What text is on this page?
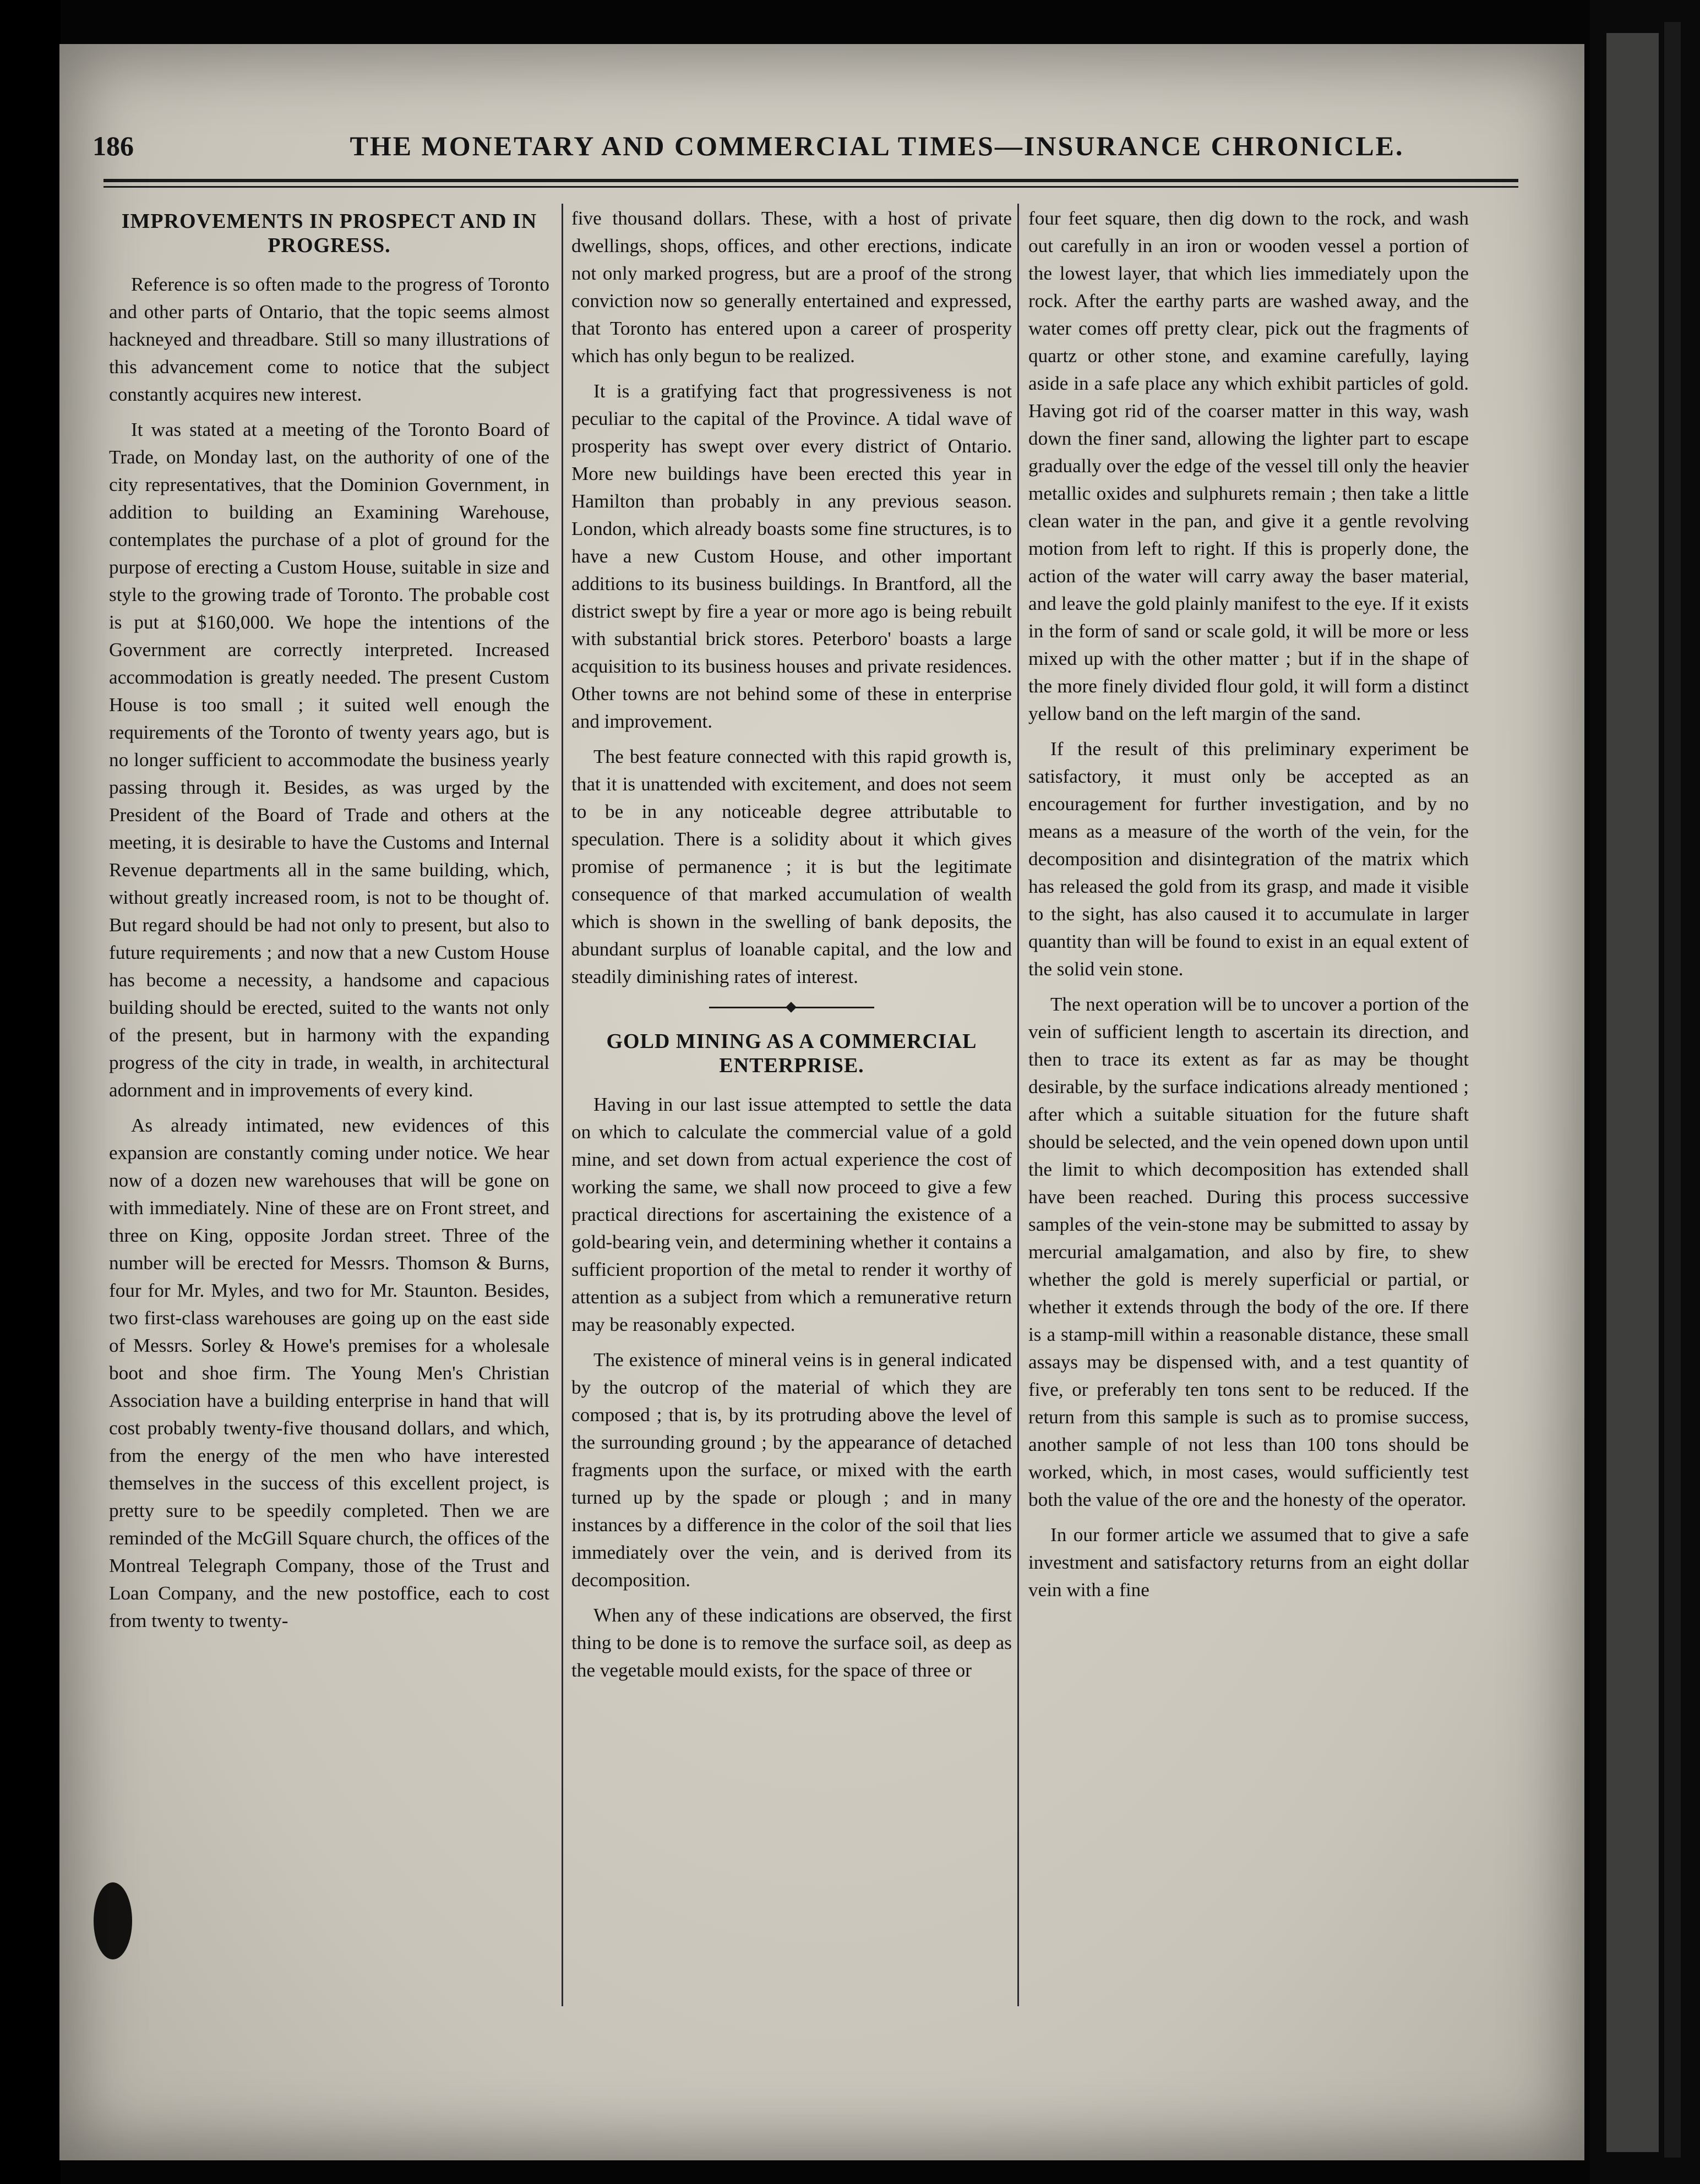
186	THE MONETARY AND COMMERCIAL TIMES—INSURANCE CHRONICLE.
IMPROVEMENTS IN PROSPECT AND IN PROGRESS.

Reference is so often made to the progress of Toronto and other parts of Ontario, that the topic seems almost hackneyed and threadbare. Still so many illustrations of this advancement come to notice that the subject constantly acquires new interest.

It was stated at a meeting of the Toronto Board of Trade, on Monday last, on the authority of one of the city representatives, that the Dominion Government, in addition to building an Examining Warehouse, contemplates the purchase of a plot of ground for the purpose of erecting a Custom House, suitable in size and style to the growing trade of Toronto. The probable cost is put at $160,000. We hope the intentions of the Government are correctly interpreted. Increased accommodation is greatly needed. The present Custom House is too small ; it suited well enough the requirements of the Toronto of twenty years ago, but is no longer sufficient to accommodate the business yearly passing through it. Besides, as was urged by the President of the Board of Trade and others at the meeting, it is desirable to have the Customs and Internal Revenue departments all in the same building, which, without greatly increased room, is not to be thought of. But regard should be had not only to present, but also to future requirements ; and now that a new Custom House has become a necessity, a handsome and capacious building should be erected, suited to the wants not only of the present, but in harmony with the expanding progress of the city in trade, in wealth, in architectural adornment and in improvements of every kind.

As already intimated, new evidences of this expansion are constantly coming under notice. We hear now of a dozen new warehouses that will be gone on with immediately. Nine of these are on Front street, and three on King, opposite Jordan street. Three of the number will be erected for Messrs. Thomson & Burns, four for Mr. Myles, and two for Mr. Staunton. Besides, two first-class warehouses are going up on the east side of Messrs. Sorley & Howe's premises for a wholesale boot and shoe firm. The Young Men's Christian Association have a building enterprise in hand that will cost probably twenty-five thousand dollars, and which, from the energy of the men who have interested themselves in the success of this excellent project, is pretty sure to be speedily completed. Then we are reminded of the McGill Square church, the offices of the Montreal Telegraph Company, those of the Trust and Loan Company, and the new postoffice, each to cost from twenty to twenty-

five thousand dollars. These, with a host of private dwellings, shops, offices, and other erections, indicate not only marked progress, but are a proof of the strong conviction now so generally entertained and expressed, that Toronto has entered upon a career of prosperity which has only begun to be realized.

It is a gratifying fact that progressiveness is not peculiar to the capital of the Province. A tidal wave of prosperity has swept over every district of Ontario. More new buildings have been erected this year in Hamilton than probably in any previous season. London, which already boasts some fine structures, is to have a new Custom House, and other important additions to its business buildings. In Brantford, all the district swept by fire a year or more ago is being rebuilt with substantial brick stores. Peterboro' boasts a large acquisition to its business houses and private residences. Other towns are not behind some of these in enterprise and improvement.

The best feature connected with this rapid growth is, that it is unattended with excitement, and does not seem to be in any noticeable degree attributable to speculation. There is a solidity about it which gives promise of permanence ; it is but the legitimate consequence of that marked accumulation of wealth which is shown in the swelling of bank deposits, the abundant surplus of loanable capital, and the low and steadily diminishing rates of interest.

GOLD MINING AS A COMMERCIAL ENTERPRISE.

Having in our last issue attempted to settle the data on which to calculate the commercial value of a gold mine, and set down from actual experience the cost of working the same, we shall now proceed to give a few practical directions for ascertaining the existence of a gold-bearing vein, and determining whether it contains a sufficient proportion of the metal to render it worthy of attention as a subject from which a remunerative return may be reasonably expected.

The existence of mineral veins is in general indicated by the outcrop of the material of which they are composed ; that is, by its protruding above the level of the surrounding ground ; by the appearance of detached fragments upon the surface, or mixed with the earth turned up by the spade or plough ; and in many instances by a difference in the color of the soil that lies immediately over the vein, and is derived from its decomposition.

When any of these indications are observed, the first thing to be done is to remove the surface soil, as deep as the vegetable mould exists, for the space of three or

four feet square, then dig down to the rock, and wash out carefully in an iron or wooden vessel a portion of the lowest layer, that which lies immediately upon the rock. After the earthy parts are washed away, and the water comes off pretty clear, pick out the fragments of quartz or other stone, and examine carefully, laying aside in a safe place any which exhibit particles of gold. Having got rid of the coarser matter in this way, wash down the finer sand, allowing the lighter part to escape gradually over the edge of the vessel till only the heavier metallic oxides and sulphurets remain ; then take a little clean water in the pan, and give it a gentle revolving motion from left to right. If this is properly done, the action of the water will carry away the baser material, and leave the gold plainly manifest to the eye. If it exists in the form of sand or scale gold, it will be more or less mixed up with the other matter ; but if in the shape of the more finely divided flour gold, it will form a distinct yellow band on the left margin of the sand.

If the result of this preliminary experiment be satisfactory, it must only be accepted as an encouragement for further investigation, and by no means as a measure of the worth of the vein, for the decomposition and disintegration of the matrix which has released the gold from its grasp, and made it visible to the sight, has also caused it to accumulate in larger quantity than will be found to exist in an equal extent of the solid vein stone.

The next operation will be to uncover a portion of the vein of sufficient length to ascertain its direction, and then to trace its extent as far as may be thought desirable, by the surface indications already mentioned ; after which a suitable situation for the future shaft should be selected, and the vein opened down upon until the limit to which decomposition has extended shall have been reached. During this process successive samples of the vein-stone may be submitted to assay by mercurial amalgamation, and also by fire, to shew whether the gold is merely superficial or partial, or whether it extends through the body of the ore. If there is a stamp-mill within a reasonable distance, these small assays may be dispensed with, and a test quantity of five, or preferably ten tons sent to be reduced. If the return from this sample is such as to promise success, another sample of not less than 100 tons should be worked, which, in most cases, would sufficiently test both the value of the ore and the honesty of the operator.

In our former article we assumed that to give a safe investment and satisfactory returns from an eight dollar vein with a fine
